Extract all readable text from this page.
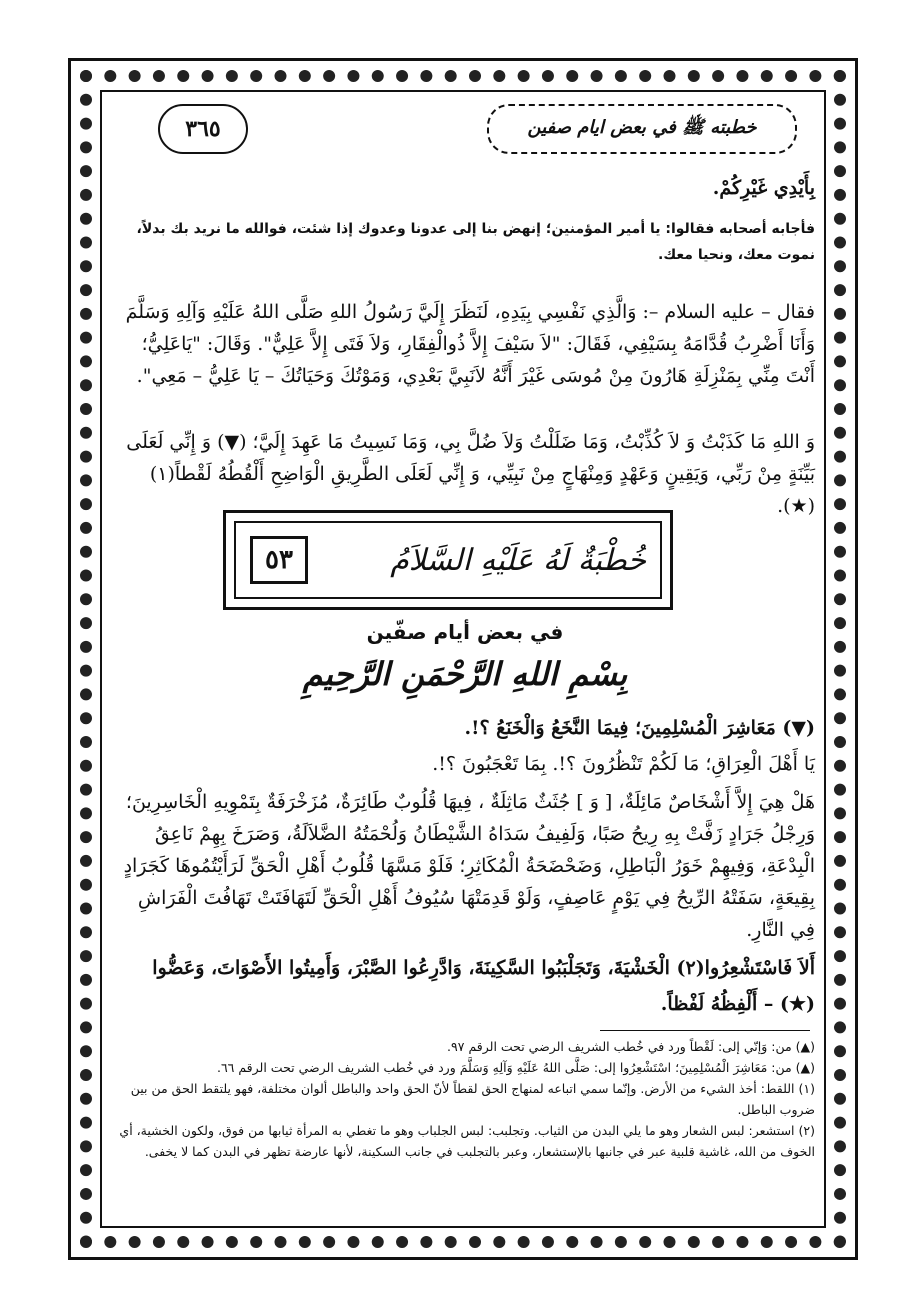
خطبته ﷺ في بعض ايام صفين
٣٦٥

بِأَيْدِي غَيْرِكُمْ.

فأجابه أصحابه فقالوا: يا أمير المؤمنين؛ إنهض بنا إلى عدونا وعدوك إذا شئت، فوالله ما نريد بك بدلاً، نموت معك، ونحيا معك.

فقال – عليه السلام –: وَالَّذِي نَفْسِي بِيَدِهِ، لَنَظَرَ إِلَيَّ رَسُولُ اللهِ صَلَّى اللهُ عَلَيْهِ وَآلِهِ وَسَلَّمَ وَأَنَا أَضْرِبُ قُدَّامَهُ بِسَيْفِي، فَقَالَ: "لاَ سَيْفَ إِلاَّ ذُوالْفِقَارِ، وَلاَ فَتَى إِلاَّ عَلِيٌّ". وَقَالَ: "يَاعَلِيُّ؛ أَنْتَ مِنِّي بِمَنْزِلَةِ هَارُونَ مِنْ مُوسَى غَيْرَ أَنَّهُ لاَنَبِيَّ بَعْدِي، وَمَوْتُكَ وَحَيَاتُكَ – يَا عَلِيُّ – مَعِي".

وَ اللهِ مَا كَذَبْتُ وَ لاَ كُذِّبْتُ، وَمَا ضَلَلْتُ وَلاَ ضُلَّ بِي، وَمَا نَسِيتُ مَا عَهِدَ إِلَيَّ؛ (▼) وَ إِنِّي لَعَلَى بَيِّنَةٍ مِنْ رَبِّي، وَيَقِينٍ وَعَهْدٍ وَمِنْهَاجٍ مِنْ نَبِيِّي، وَ إِنِّي لَعَلَى الطَّرِيقِ الْوَاضِحِ أَلْقُطُهُ لَقْطاً(١) (★).

خُطْبَةٌ لَهُ عَلَيْهِ السَّلاَمُ
٥٣
في بعض أيام صفّين
بِسْمِ اللهِ الرَّحْمَنِ الرَّحِيمِ

(▼) مَعَاشِرَ الْمُسْلِمِينَ؛ فِيمَا النَّخَعُ وَالْخَنَعُ ؟!.

يَا أَهْلَ الْعِرَاقِ؛ مَا لَكُمْ تَنْظُرُونَ ؟!. بِمَا تَعْجَبُونَ ؟!.

هَلْ هِيَ إِلاَّ أَشْخَاصٌ مَائِلَةٌ، [ وَ ] جُثَثٌ مَاثِلَةٌ ، فِيهَا قُلُوبٌ طَائِرَةٌ، مُزَخْرَفَةٌ بِتَمْوِيهِ الْخَاسِرِينَ؛ وَرِجْلُ جَرَادٍ زَفَّتْ بِهِ رِيحُ صَبًا، وَلَفِيفُ سَدَاهُ الشَّيْطَانُ وَلُحْمَتُهُ الضَّلاَلَةُ، وَصَرَخَ بِهِمْ نَاعِقُ الْبِدْعَةِ، وَفِيهِمْ خَوَرُ الْبَاطِلِ، وَضَحْضَحَةُ الْمُكَاثِرِ؛ فَلَوْ مَسَّهَا قُلُوبُ أَهْلِ الْحَقِّ لَرَأَيْتُمُوهَا كَجَرَادٍ بِقِيعَةٍ، سَفَتْهُ الرِّيحُ فِي يَوْمٍ عَاصِفٍ، وَلَوْ قَدِمَتْهَا سُيُوفُ أَهْلِ الْحَقِّ لَتَهَافَتَتْ تَهَافُتَ الْفَرَاشِ فِي النَّارِ.

أَلاَ فَاسْتَشْعِرُوا(٢) الْخَشْيَةَ، وَتَجَلْبَبُوا السَّكِينَةَ، وَادَّرِعُوا الصَّبْرَ، وَأَمِيتُوا الأَصْوَاتَ، وَعَضُّوا

(★) – أَلْفِظُهُ لَفْظاً.

(▲) من: وَإنّي إلى: لَقْطاً ورد في خُطب الشريف الرضي تحت الرقم ٩٧.

(▲) من: مَعَاشِرَ الْمُسْلِمِينَ؛ اسْتَشْعِرُوا إلى: صَلَّى اللهُ عَلَيْهِ وَآلِهِ وَسَلَّمَ ورد في خُطب الشريف الرضي تحت الرقم ٦٦.

(١) اللقط: أخذ الشيء من الأرض. وإنّما سمي اتباعه لمنهاج الحق لقطاً لأنّ الحق واحد والباطل ألوان مختلفة، فهو يلتقط الحق من بين ضروب الباطل.

(٢) استشعر: لبس الشعار وهو ما يلي البدن من الثياب. وتجلبب: لبس الجلباب وهو ما تغطي به المرأة ثيابها من فوق، ولكون الخشية، أي الخوف من الله، غاشية قلبية عبر في جانبها بالإستشعار، وعبر بالتجلبب في جانب السكينة، لأنها عارضة تظهر في البدن كما لا يخفى.
